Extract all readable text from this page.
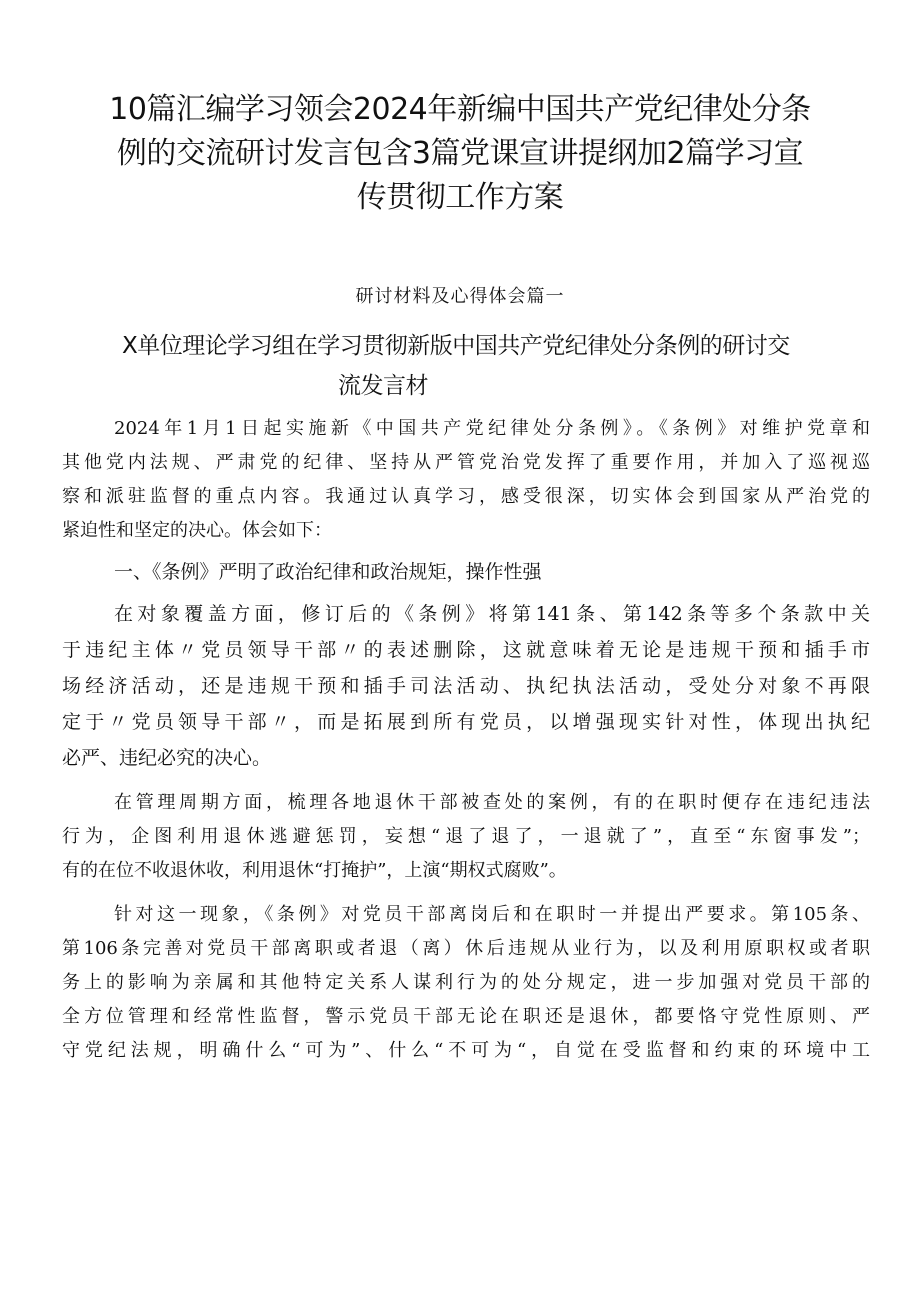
10篇汇编学习领会2024年新编中国共产党纪律处分条
例的交流研讨发言包含3篇党课宣讲提纲加2篇学习宣
传贯彻工作方案
研讨材料及心得体会篇一
X单位理论学习组在学习贯彻新版中国共产党纪律处分条例的研讨交
流发言材

2024年1月1日起实施新《中国共产党纪律处分条例》。《条例》对维护党章和
其他党内法规、严肃党的纪律、坚持从严管党治党发挥了重要作用，并加入了巡视巡
察和派驻监督的重点内容。我通过认真学习，感受很深，切实体会到国家从严治党的
紧迫性和坚定的决心。体会如下：

一、《条例》严明了政治纪律和政治规矩，操作性强

在对象覆盖方面，修订后的《条例》将第141条、第142条等多个条款中关
于违纪主体〃党员领导干部〃的表述删除，这就意味着无论是违规干预和插手市
场经济活动，还是违规干预和插手司法活动、执纪执法活动，受处分对象不再限
定于〃党员领导干部〃，而是拓展到所有党员，以增强现实针对性，体现出执纪
必严、违纪必究的决心。

在管理周期方面，梳理各地退休干部被查处的案例，有的在职时便存在违纪违法
行为，企图利用退休逃避惩罚，妄想“退了退了，一退就了”，直至“东窗事发”；
有的在位不收退休收，利用退休“打掩护”，上演“期权式腐败”。

针对这一现象，《条例》对党员干部离岗后和在职时一并提出严要求。第105条、
第106条完善对党员干部离职或者退（离）休后违规从业行为，以及利用原职权或者职
务上的影响为亲属和其他特定关系人谋利行为的处分规定，进一步加强对党员干部的
全方位管理和经常性监督，警示党员干部无论在职还是退休，都要恪守党性原则、严
守党纪法规，明确什么“可为”、什么“不可为“，自觉在受监督和约束的环境中工
